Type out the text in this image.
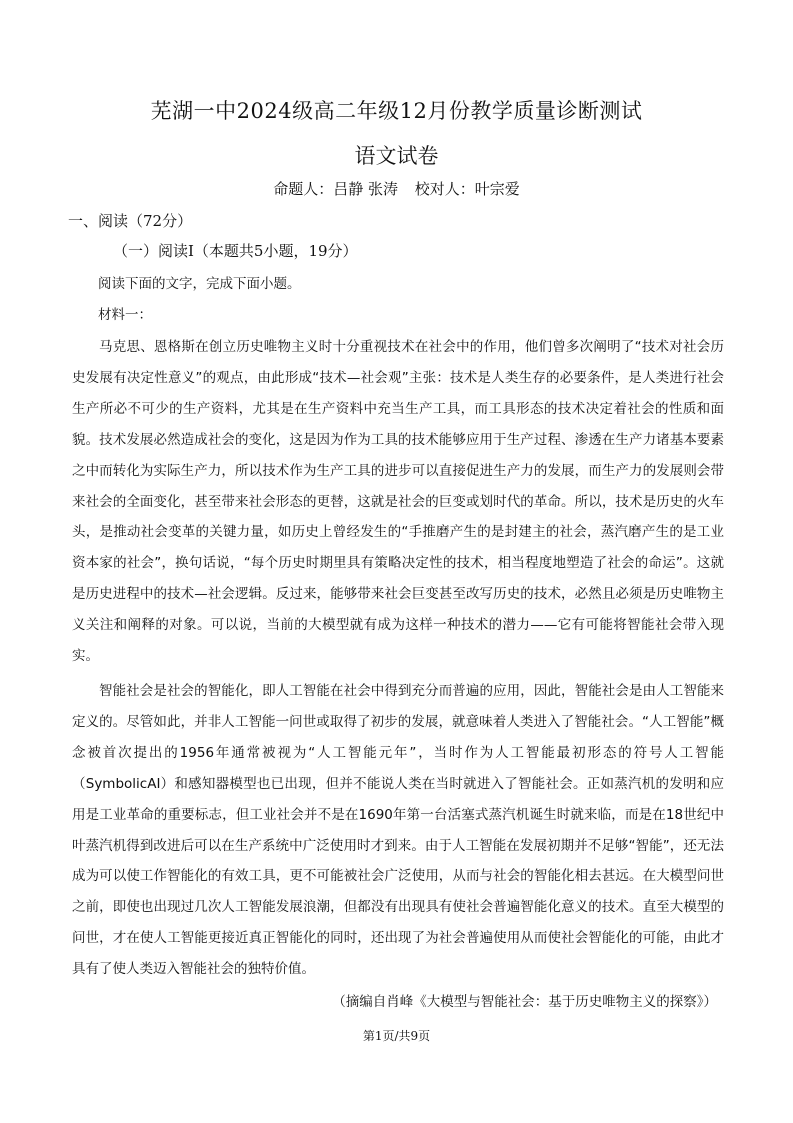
芜湖一中2024级高二年级12月份教学质量诊断测试
语文试卷
命题人：吕静 张涛 校对人：叶宗爱
一、阅读（72分）
（一）阅读Ⅰ（本题共5小题，19分）
阅读下面的文字，完成下面小题。
材料一：

马克思、恩格斯在创立历史唯物主义时十分重视技术在社会中的作用，他们曾多次阐明了“技术对社会历史发展有决定性意义”的观点，由此形成“技术—社会观”主张：技术是人类生存的必要条件，是人类进行社会生产所必不可少的生产资料，尤其是在生产资料中充当生产工具，而工具形态的技术决定着社会的性质和面貌。技术发展必然造成社会的变化，这是因为作为工具的技术能够应用于生产过程、渗透在生产力诸基本要素之中而转化为实际生产力，所以技术作为生产工具的进步可以直接促进生产力的发展，而生产力的发展则会带来社会的全面变化，甚至带来社会形态的更替，这就是社会的巨变或划时代的革命。所以，技术是历史的火车头，是推动社会变革的关键力量，如历史上曾经发生的“手推磨产生的是封建主的社会，蒸汽磨产生的是工业资本家的社会”，换句话说，“每个历史时期里具有策略决定性的技术，相当程度地塑造了社会的命运”。这就是历史进程中的技术—社会逻辑。反过来，能够带来社会巨变甚至改写历史的技术，必然且必须是历史唯物主义关注和阐释的对象。可以说，当前的大模型就有成为这样一种技术的潜力——它有可能将智能社会带入现实。

智能社会是社会的智能化，即人工智能在社会中得到充分而普遍的应用，因此，智能社会是由人工智能来定义的。尽管如此，并非人工智能一问世或取得了初步的发展，就意味着人类进入了智能社会。“人工智能”概念被首次提出的1956年通常被视为“人工智能元年”，当时作为人工智能最初形态的符号人工智能（SymbolicAI）和感知器模型也已出现，但并不能说人类在当时就进入了智能社会。正如蒸汽机的发明和应用是工业革命的重要标志，但工业社会并不是在1690年第一台活塞式蒸汽机诞生时就来临，而是在18世纪中叶蒸汽机得到改进后可以在生产系统中广泛使用时才到来。由于人工智能在发展初期并不足够“智能”，还无法成为可以使工作智能化的有效工具，更不可能被社会广泛使用，从而与社会的智能化相去甚远。在大模型问世之前，即使也出现过几次人工智能发展浪潮，但都没有出现具有使社会普遍智能化意义的技术。直至大模型的问世，才在使人工智能更接近真正智能化的同时，还出现了为社会普遍使用从而使社会智能化的可能，由此才具有了使人类迈入智能社会的独特价值。

（摘编自肖峰《大模型与智能社会：基于历史唯物主义的探察》）
第1页/共9页
